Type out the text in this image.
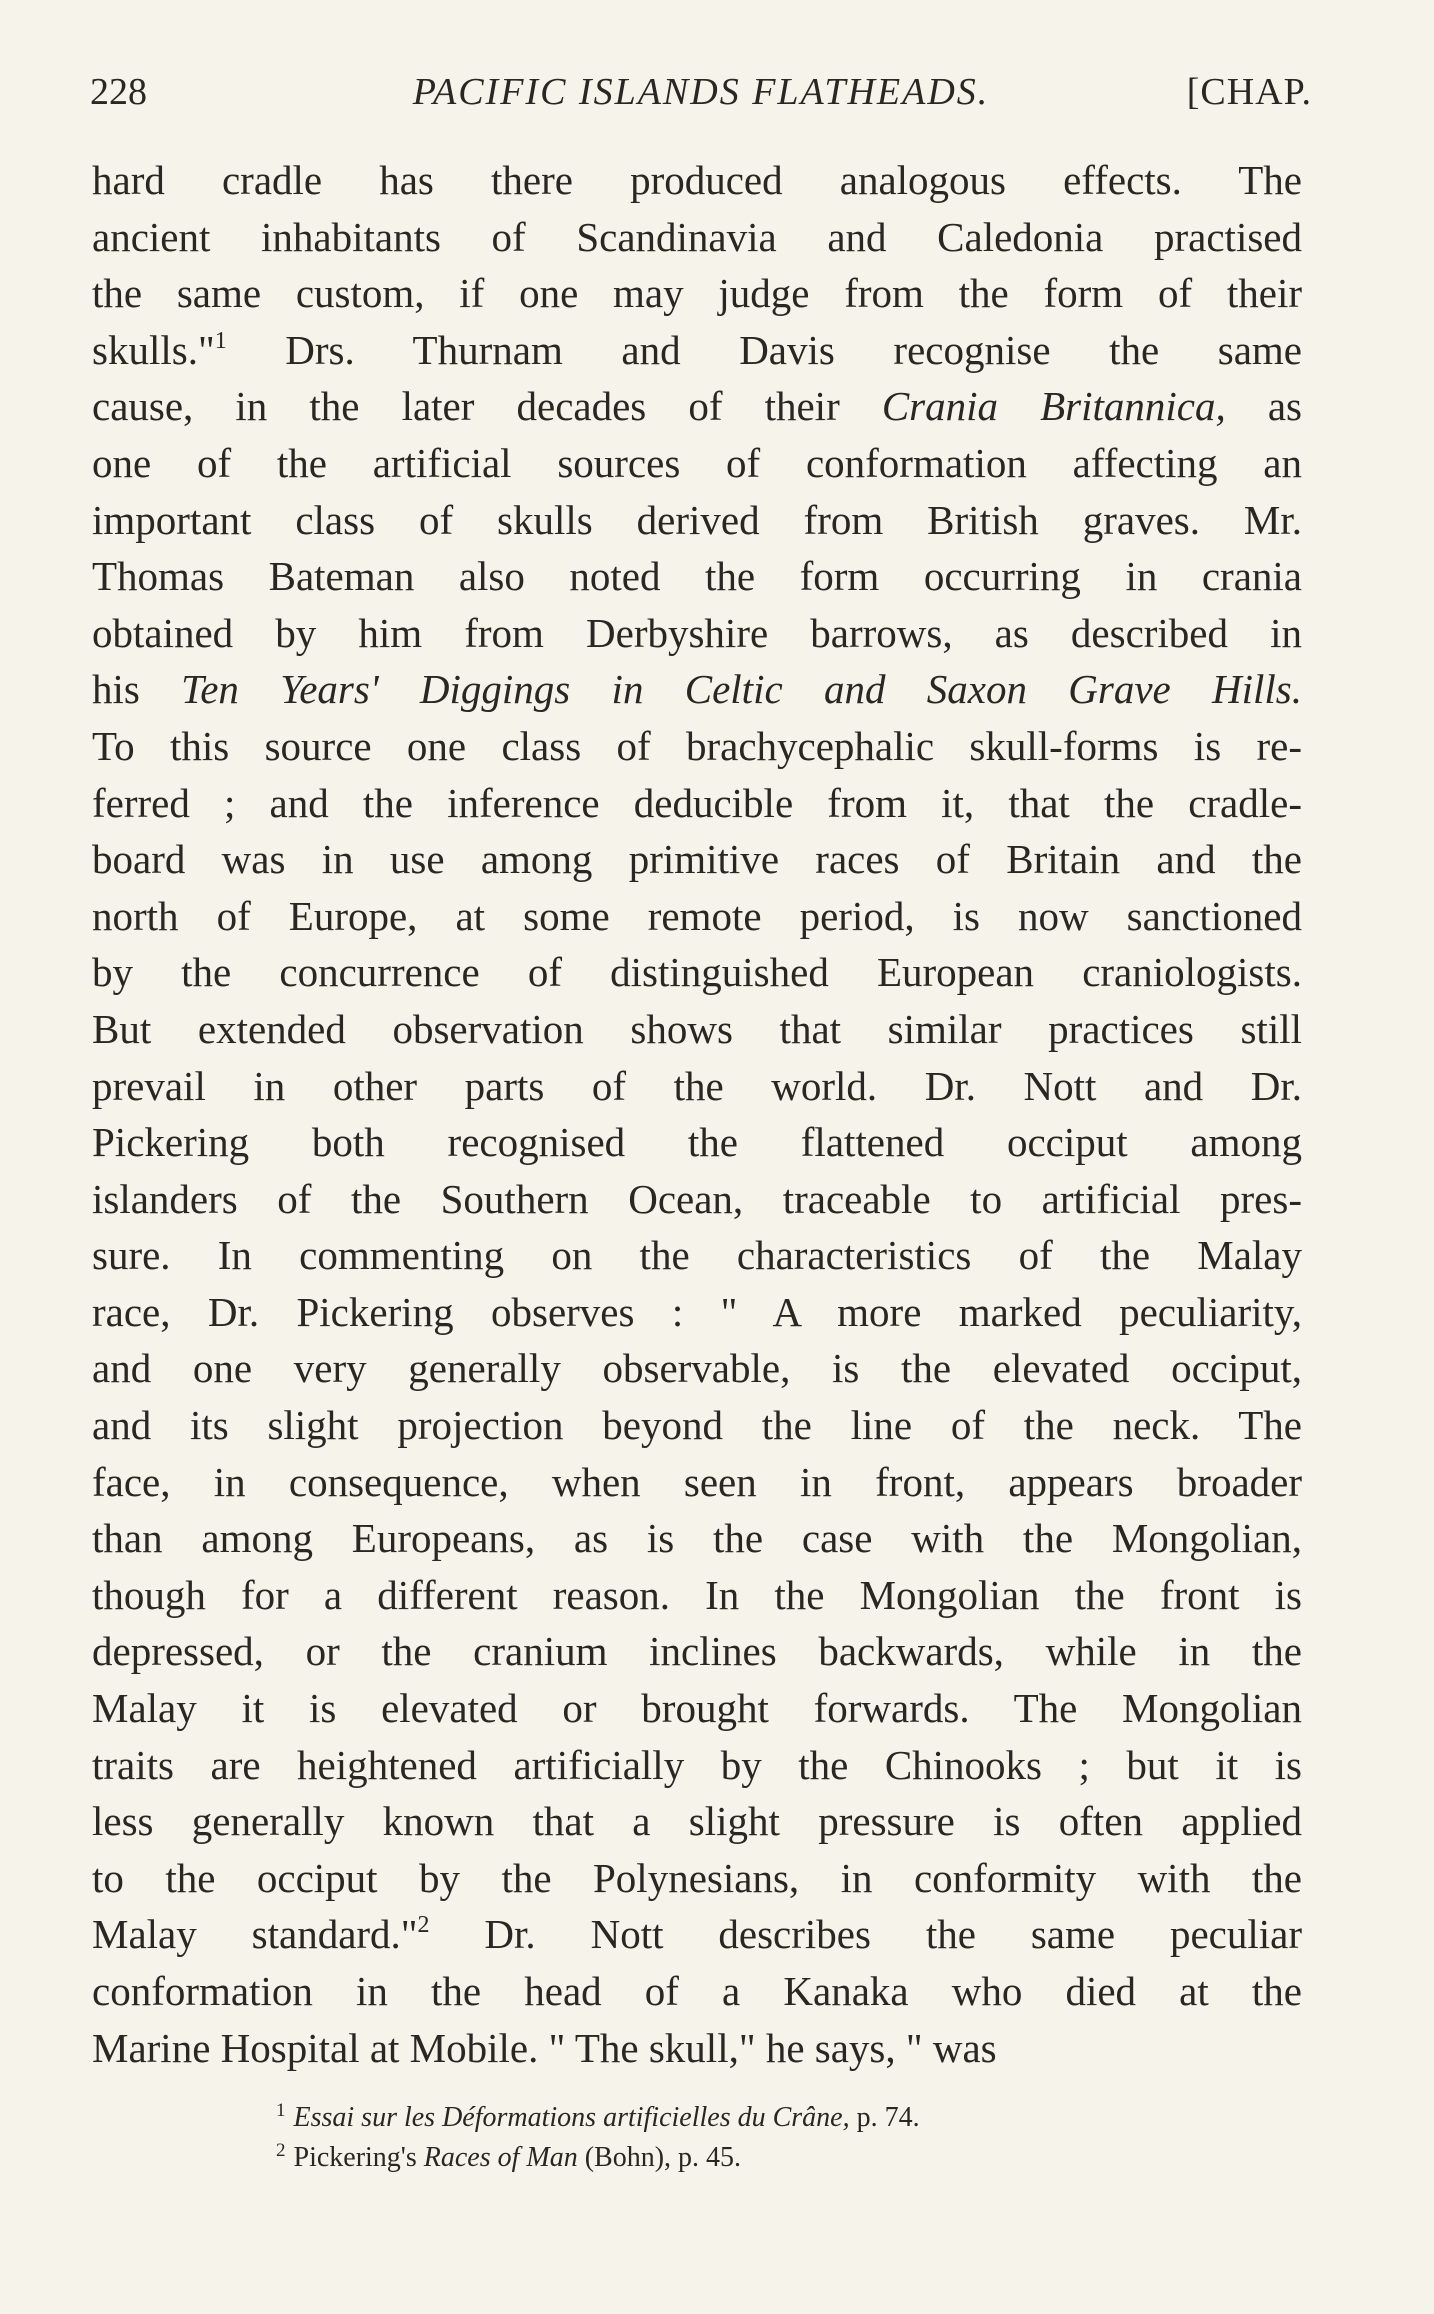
228	PACIFIC ISLANDS FLATHEADS.	[CHAP.
hard cradle has there produced analogous effects. The
ancient inhabitants of Scandinavia and Caledonia practised
the same custom, if one may judge from the form of their
skulls."$^1$ Drs. Thurnam and Davis recognise the same
cause, in the later decades of their Crania Britannica, as
one of the artificial sources of conformation affecting an
important class of skulls derived from British graves. Mr.
Thomas Bateman also noted the form occurring in crania
obtained by him from Derbyshire barrows, as described in
his Ten Years' Diggings in Celtic and Saxon Grave Hills.
To this source one class of brachycephalic skull-forms is re-
ferred ; and the inference deducible from it, that the cradle-
board was in use among primitive races of Britain and the
north of Europe, at some remote period, is now sanctioned
by the concurrence of distinguished European craniologists.
But extended observation shows that similar practices still
prevail in other parts of the world. Dr. Nott and Dr.
Pickering both recognised the flattened occiput among
islanders of the Southern Ocean, traceable to artificial pres-
sure. In commenting on the characteristics of the Malay
race, Dr. Pickering observes : " A more marked peculiarity,
and one very generally observable, is the elevated occiput,
and its slight projection beyond the line of the neck. The
face, in consequence, when seen in front, appears broader
than among Europeans, as is the case with the Mongolian,
though for a different reason. In the Mongolian the front is
depressed, or the cranium inclines backwards, while in the
Malay it is elevated or brought forwards. The Mongolian
traits are heightened artificially by the Chinooks ; but it is
less generally known that a slight pressure is often applied
to the occiput by the Polynesians, in conformity with the
Malay standard."$^2$ Dr. Nott describes the same peculiar
conformation in the head of a Kanaka who died at the
Marine Hospital at Mobile. " The skull," he says, " was
$^1$ Essai sur les Déformations artificielles du Crâne, p. 74.
$^2$ Pickering's Races of Man (Bohn), p. 45.
